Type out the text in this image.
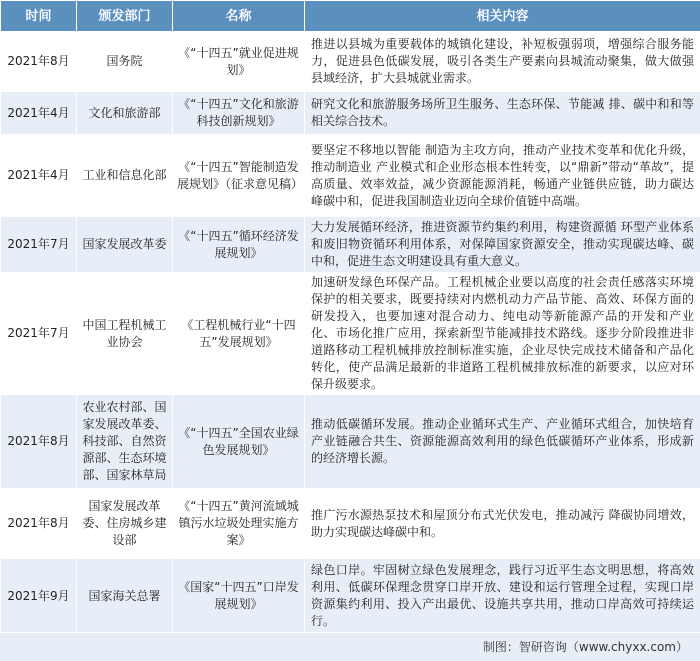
时间	颁发部门	名称	相关内容
2021年8月	国务院	《“十四五”就业促进规划》	推进以县城为重要载体的城镇化建设，补短板强弱项，增强综合服务能力，促进县色低碳发展，吸引各类生产要素向县城流动聚集，做大做强县域经济，扩大县城就业需求。
2021年4月	文化和旅游部	《“十四五”文化和旅游科技创新规划》	研究文化和旅游服务场所卫生服务、生态环保、节能减 排、碳中和和等相关综合技术。
2021年4月	工业和信息化部	《“十四五”智能制造发展规划》（征求意见稿）	要坚定不移地以智能 制造为主攻方向，推动产业技术变革和优化升级，推动制造业 产业模式和企业形态根本性转变，以“鼎新”带动“革故”，提高质量、效率效益，减少资源能源消耗，畅通产业链供应链，助力碳达峰碳中和，促进我国制造业迈向全球价值链中高端。
2021年7月	国家发展改革委	《“十四五”循环经济发展规划》	大力发展循环经济，推进资源节约集约利用，构建资源循 环型产业体系和废旧物资循环利用体系，对保障国家资源安全，推动实现碳达峰、碳中和，促进生态文明建设具有重大意义。
2021年7月	中国工程机械工业协会	《工程机械行业“十四五”发展规划》	加速研发绿色环保产品。工程机械企业要以高度的社会责任感落实环境保护的相关要求，既要持续对内燃机动力产品节能、高效、环保方面的研发投入，也要加速对混合动力、纯电动等新能源产品的开发和产业化、市场化推广应用，探索新型节能减排技术路线。逐步分阶段推进非道路移动工程机械排放控制标准实施，企业尽快完成技术储备和产品化转化，使产品满足最新的非道路工程机械排放标准的新要求，以应对环保升级要求。
2021年8月	农业农村部、国家发展改革委、科技部、自然资源部、生态环境部、国家林草局	《“十四五”全国农业绿色发展规划》	推动低碳循环发展。推动企业循环式生产、产业循环式组合，加快培育产业链融合共生、资源能源高效利用的绿色低碳循环产业体系，形成新的经济增长源。
2021年8月	国家发展改革委、住房城乡建设部	《“十四五”黄河流域城镇污水垃圾处理实施方案》	推广污水源热泵技术和屋顶分布式光伏发电，推动减污 降碳协同增效，助力实现碳达峰碳中和。
2021年9月	国家海关总署	《国家“十四五”口岸发展规划》	绿色口岸。牢固树立绿色发展理念，践行习近平生态文明思想，将高效利用、低碳环保理念贯穿口岸开放、建设和运行管理全过程，实现口岸资源集约利用、投入产出最优、设施共享共用，推动口岸高效可持续运行。
制图：智研咨询（www.chyxx.com）
